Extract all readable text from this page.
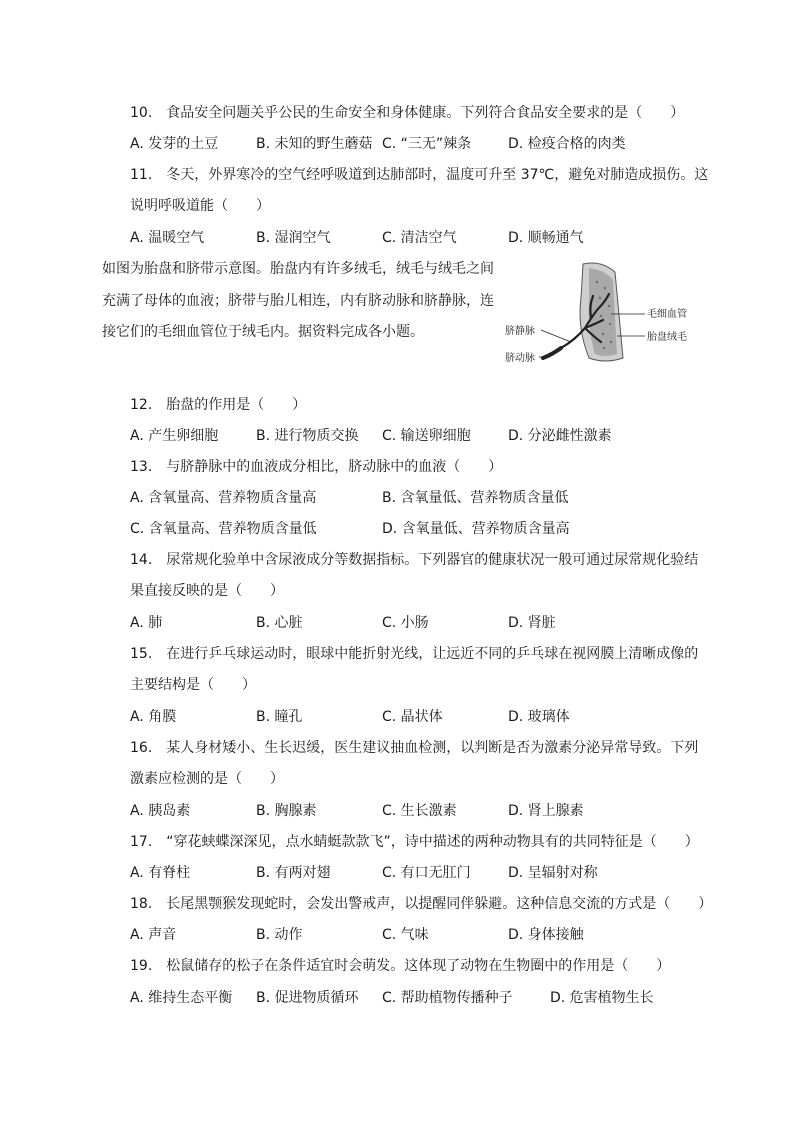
10.　食品安全问题关乎公民的生命安全和身体健康。下列符合食品安全要求的是（　　）
A. 发芽的土豆	B. 未知的野生蘑菇 C. “三无”辣条	D. 检疫合格的肉类
11.　冬天，外界寒冷的空气经呼吸道到达肺部时，温度可升至 37℃，避免对肺造成损伤。这
说明呼吸道能（　　）
A. 温暖空气	B. 湿润空气	C. 清洁空气	D. 顺畅通气
如图为胎盘和脐带示意图。胎盘内有许多绒毛，绒毛与绒毛之间
充满了母体的血液；脐带与胎儿相连，内有脐动脉和脐静脉，连
接它们的毛细血管位于绒毛内。据资料完成各小题。
毛细血管
胎盘绒毛
脐静脉
脐动脉
12.　胎盘的作用是（　　）
A. 产生卵细胞	B. 进行物质交换 C. 输送卵细胞	D. 分泌雌性激素
13.　与脐静脉中的血液成分相比，脐动脉中的血液（　　）
A. 含氧量高、营养物质含量高	B. 含氧量低、营养物质含量低
C. 含氧量高、营养物质含量低	D. 含氧量低、营养物质含量高
14.　尿常规化验单中含尿液成分等数据指标。下列器官的健康状况一般可通过尿常规化验结
果直接反映的是（　　）
A. 肺	B. 心脏	C. 小肠	D. 肾脏
15.　在进行乒乓球运动时，眼球中能折射光线，让远近不同的乒乓球在视网膜上清晰成像的
主要结构是（　　）
A. 角膜	B. 瞳孔	C. 晶状体	D. 玻璃体
16.　某人身材矮小、生长迟缓，医生建议抽血检测，以判断是否为激素分泌异常导致。下列
激素应检测的是（　　）
A. 胰岛素	B. 胸腺素	C. 生长激素	D. 肾上腺素
17.　“穿花蛱蝶深深见，点水蜻蜓款款飞”，诗中描述的两种动物具有的共同特征是（　　）
A. 有脊柱	B. 有两对翅	C. 有口无肛门	D. 呈辐射对称
18.　长尾黑颚猴发现蛇时，会发出警戒声，以提醒同伴躲避。这种信息交流的方式是（　　）
A. 声音	B. 动作	C. 气味	D. 身体接触
19.　松鼠储存的松子在条件适宜时会萌发。这体现了动物在生物圈中的作用是（　　）
A. 维持生态平衡 B. 促进物质循环 C. 帮助植物传播种子	D. 危害植物生长
